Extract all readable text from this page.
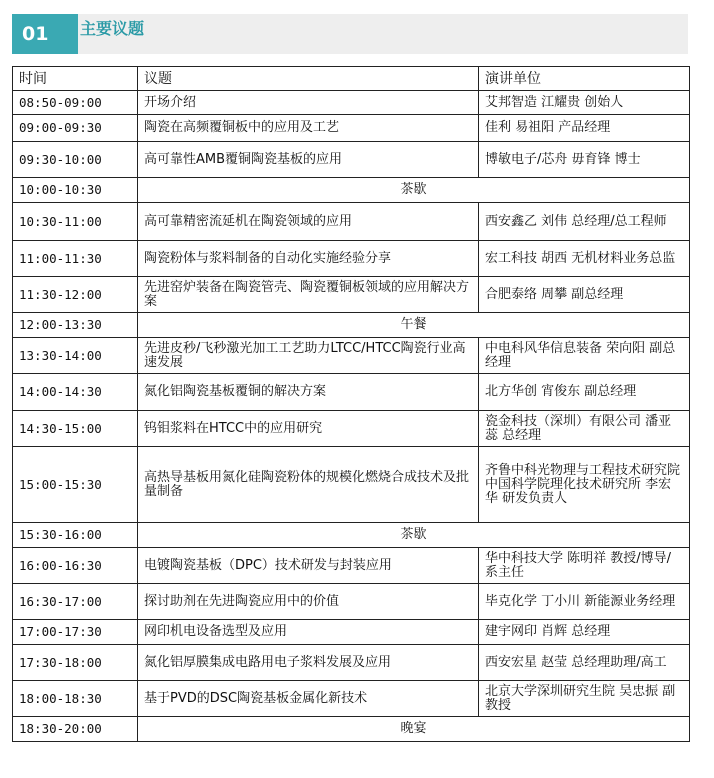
01	主要议题
时间	议题	演讲单位
08:50-09:00	开场介绍	艾邦智造 江耀贵 创始人
09:00-09:30	陶瓷在高频覆铜板中的应用及工艺	佳利 易祖阳 产品经理
09:30-10:00	高可靠性AMB覆铜陶瓷基板的应用	博敏电子/芯舟 毋育锋 博士
10:00-10:30	茶歇	
10:30-11:00	高可靠精密流延机在陶瓷领域的应用	西安鑫乙 刘伟 总经理/总工程师
11:00-11:30	陶瓷粉体与浆料制备的自动化实施经验分享	宏工科技 胡西 无机材料业务总监
11:30-12:00	先进窑炉装备在陶瓷管壳、陶瓷覆铜板领域的应用解决方案	合肥泰络 周攀 副总经理
12:00-13:30	午餐	
13:30-14:00	先进皮秒/飞秒激光加工工艺助力LTCC/HTCC陶瓷行业高速发展	中电科风华信息装备 荣向阳 副总经理
14:00-14:30	氮化铝陶瓷基板覆铜的解决方案	北方华创 宵俊东 副总经理
14:30-15:00	钨钼浆料在HTCC中的应用研究	瓷金科技（深圳）有限公司 潘亚蕊 总经理
15:00-15:30	高热导基板用氮化硅陶瓷粉体的规模化燃烧合成技术及批量制备	齐鲁中科光物理与工程技术研究院中国科学院理化技术研究所 李宏华 研发负责人
15:30-16:00	茶歇	
16:00-16:30	电镀陶瓷基板（DPC）技术研发与封装应用	华中科技大学 陈明祥 教授/博导/系主任
16:30-17:00	探讨助剂在先进陶瓷应用中的价值	毕克化学 丁小川 新能源业务经理
17:00-17:30	网印机电设备选型及应用	建宇网印 肖辉 总经理
17:30-18:00	氮化铝厚膜集成电路用电子浆料发展及应用	西安宏星 赵莹 总经理助理/高工
18:00-18:30	基于PVD的DSC陶瓷基板金属化新技术	北京大学深圳研究生院 吴忠振 副教授
18:30-20:00	晚宴	
